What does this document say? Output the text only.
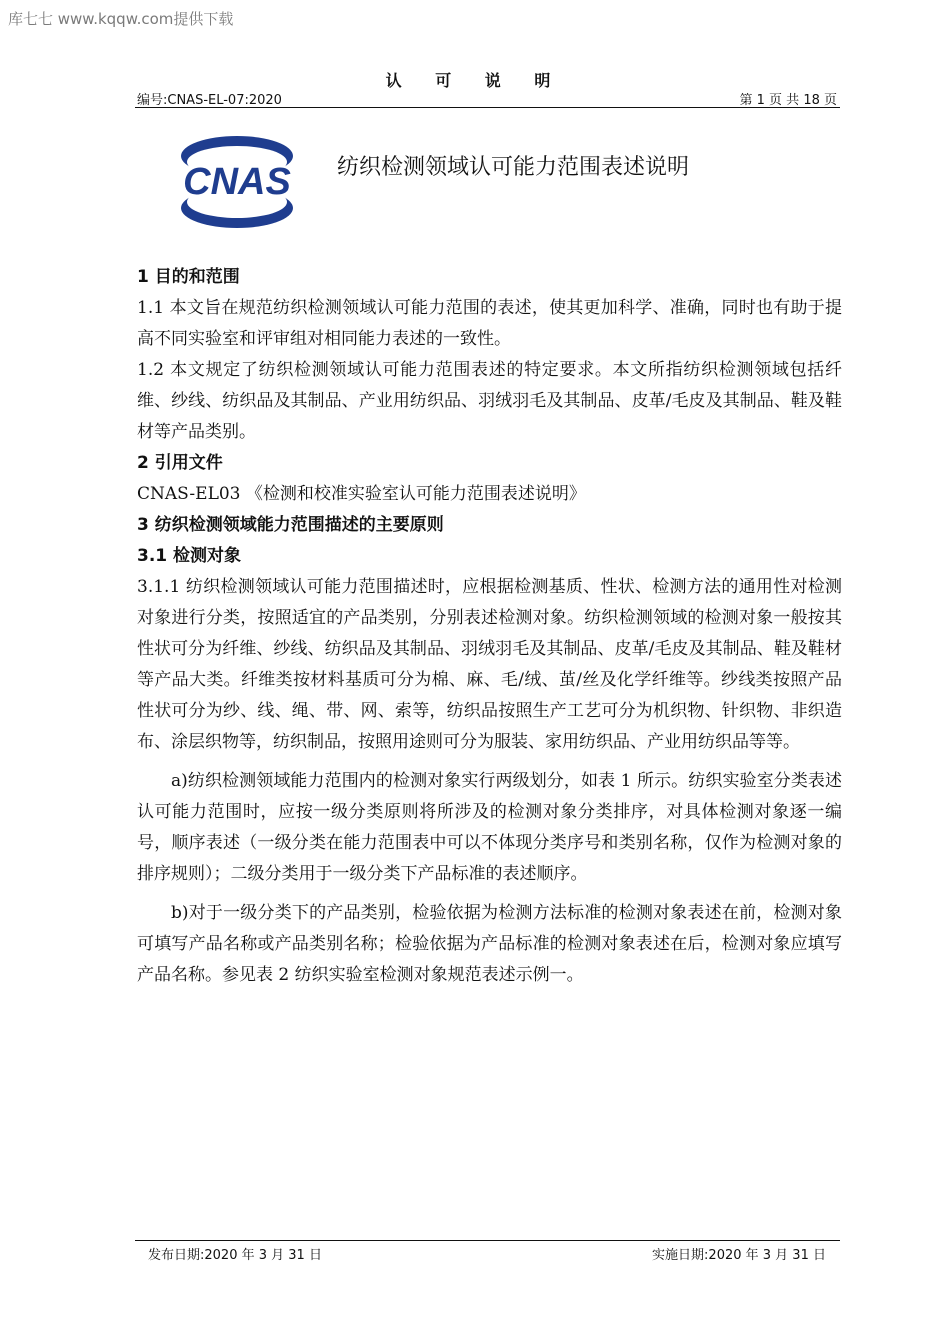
库七七 www.kqqw.com提供下载
认 可 说 明
编号:CNAS-EL-07:2020	第 1 页 共 18 页
CNAS 纺织检测领域认可能力范围表述说明
1 目的和范围

1.1 本文旨在规范纺织检测领域认可能力范围的表述，使其更加科学、准确，同时也有助于提高不同实验室和评审组对相同能力表述的一致性。

1.2 本文规定了纺织检测领域认可能力范围表述的特定要求。本文所指纺织检测领域包括纤维、纱线、纺织品及其制品、产业用纺织品、羽绒羽毛及其制品、皮革/毛皮及其制品、鞋及鞋材等产品类别。

2 引用文件

CNAS-EL03 《检测和校准实验室认可能力范围表述说明》

3 纺织检测领域能力范围描述的主要原则
3.1 检测对象

3.1.1 纺织检测领域认可能力范围描述时，应根据检测基质、性状、检测方法的通用性对检测对象进行分类，按照适宜的产品类别，分别表述检测对象。纺织检测领域的检测对象一般按其性状可分为纤维、纱线、纺织品及其制品、羽绒羽毛及其制品、皮革/毛皮及其制品、鞋及鞋材等产品大类。纤维类按材料基质可分为棉、麻、毛/绒、茧/丝及化学纤维等。纱线类按照产品性状可分为纱、线、绳、带、网、索等，纺织品按照生产工艺可分为机织物、针织物、非织造布、涂层织物等，纺织制品，按照用途则可分为服装、家用纺织品、产业用纺织品等等。

a)纺织检测领域能力范围内的检测对象实行两级划分，如表 1 所示。纺织实验室分类表述认可能力范围时，应按一级分类原则将所涉及的检测对象分类排序，对具体检测对象逐一编号，顺序表述（一级分类在能力范围表中可以不体现分类序号和类别名称，仅作为检测对象的排序规则）；二级分类用于一级分类下产品标准的表述顺序。

b)对于一级分类下的产品类别，检验依据为检测方法标准的检测对象表述在前，检测对象可填写产品名称或产品类别名称；检验依据为产品标准的检测对象表述在后，检测对象应填写产品名称。参见表 2 纺织实验室检测对象规范表述示例一。

发布日期:2020 年 3 月 31 日	实施日期:2020 年 3 月 31 日
